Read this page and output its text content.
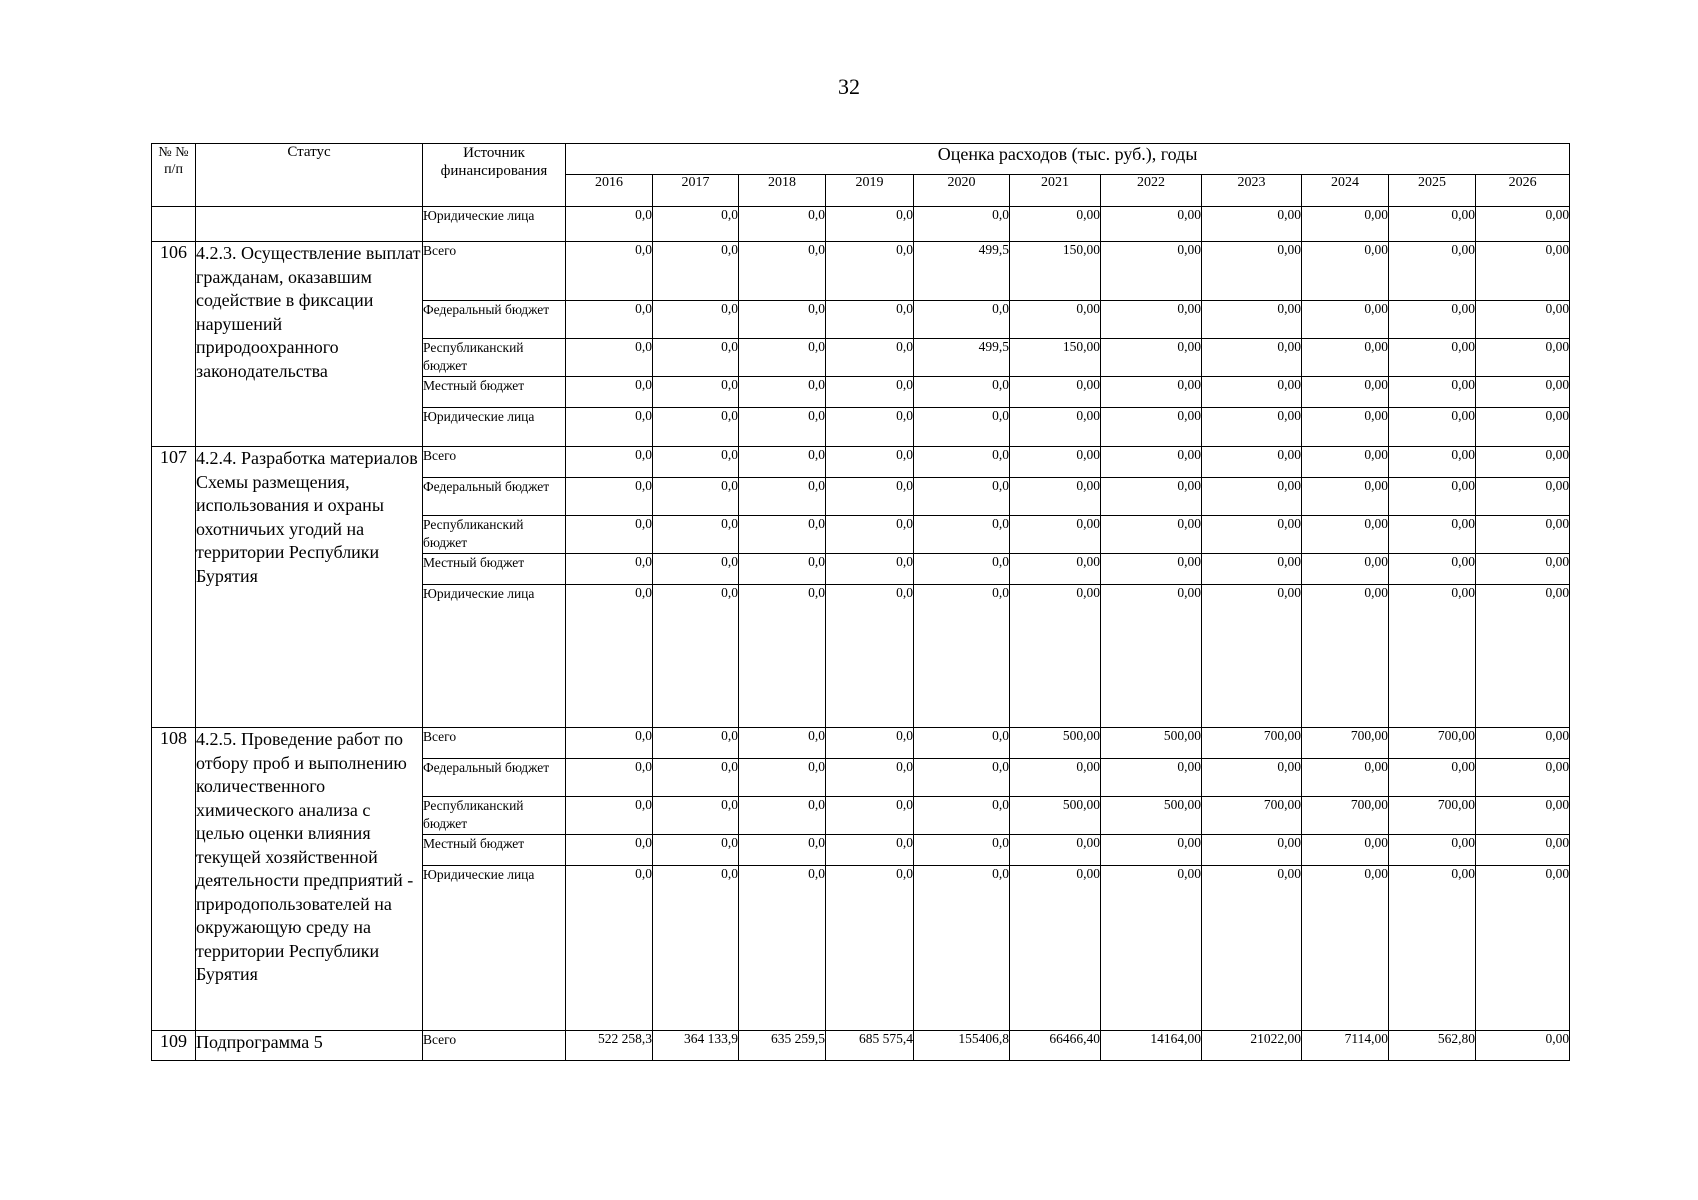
32
№ № п/п	Статус	Источник финансирования	Оценка расходов (тыс. руб.), годы										
			2016	2017	2018	2019	2020	2021	2022	2023	2024	2025	2026
		Юридические лица	0,0	0,0	0,0	0,0	0,0	0,00	0,00	0,00	0,00	0,00	0,00
106	4.2.3. Осуществление выплат гражданам, оказавшим содействие в фиксации нарушений природоохранного законодательства	Всего	0,0	0,0	0,0	0,0	499,5	150,00	0,00	0,00	0,00	0,00	0,00
		Федеральный бюджет	0,0	0,0	0,0	0,0	0,0	0,00	0,00	0,00	0,00	0,00	0,00
		Республиканский бюджет	0,0	0,0	0,0	0,0	499,5	150,00	0,00	0,00	0,00	0,00	0,00
		Местный бюджет	0,0	0,0	0,0	0,0	0,0	0,00	0,00	0,00	0,00	0,00	0,00
		Юридические лица	0,0	0,0	0,0	0,0	0,0	0,00	0,00	0,00	0,00	0,00	0,00
107	4.2.4. Разработка материалов Схемы размещения, использования и охраны охотничьих угодий на территории Республики Бурятия	Всего	0,0	0,0	0,0	0,0	0,0	0,00	0,00	0,00	0,00	0,00	0,00
		Федеральный бюджет	0,0	0,0	0,0	0,0	0,0	0,00	0,00	0,00	0,00	0,00	0,00
		Республиканский бюджет	0,0	0,0	0,0	0,0	0,0	0,00	0,00	0,00	0,00	0,00	0,00
		Местный бюджет	0,0	0,0	0,0	0,0	0,0	0,00	0,00	0,00	0,00	0,00	0,00
		Юридические лица	0,0	0,0	0,0	0,0	0,0	0,00	0,00	0,00	0,00	0,00	0,00
108	4.2.5. Проведение работ по отбору проб и выполнению количественного химического анализа с целью оценки влияния текущей хозяйственной деятельности предприятий - природопользователей на окружающую среду на территории Республики Бурятия	Всего	0,0	0,0	0,0	0,0	0,0	500,00	500,00	700,00	700,00	700,00	0,00
		Федеральный бюджет	0,0	0,0	0,0	0,0	0,0	0,00	0,00	0,00	0,00	0,00	0,00
		Республиканский бюджет	0,0	0,0	0,0	0,0	0,0	500,00	500,00	700,00	700,00	700,00	0,00
		Местный бюджет	0,0	0,0	0,0	0,0	0,0	0,00	0,00	0,00	0,00	0,00	0,00
		Юридические лица	0,0	0,0	0,0	0,0	0,0	0,00	0,00	0,00	0,00	0,00	0,00
109	Подпрограмма 5	Всего	522 258,3	364 133,9	635 259,5	685 575,4	155406,8	66466,40	14164,00	21022,00	7114,00	562,80	0,00
